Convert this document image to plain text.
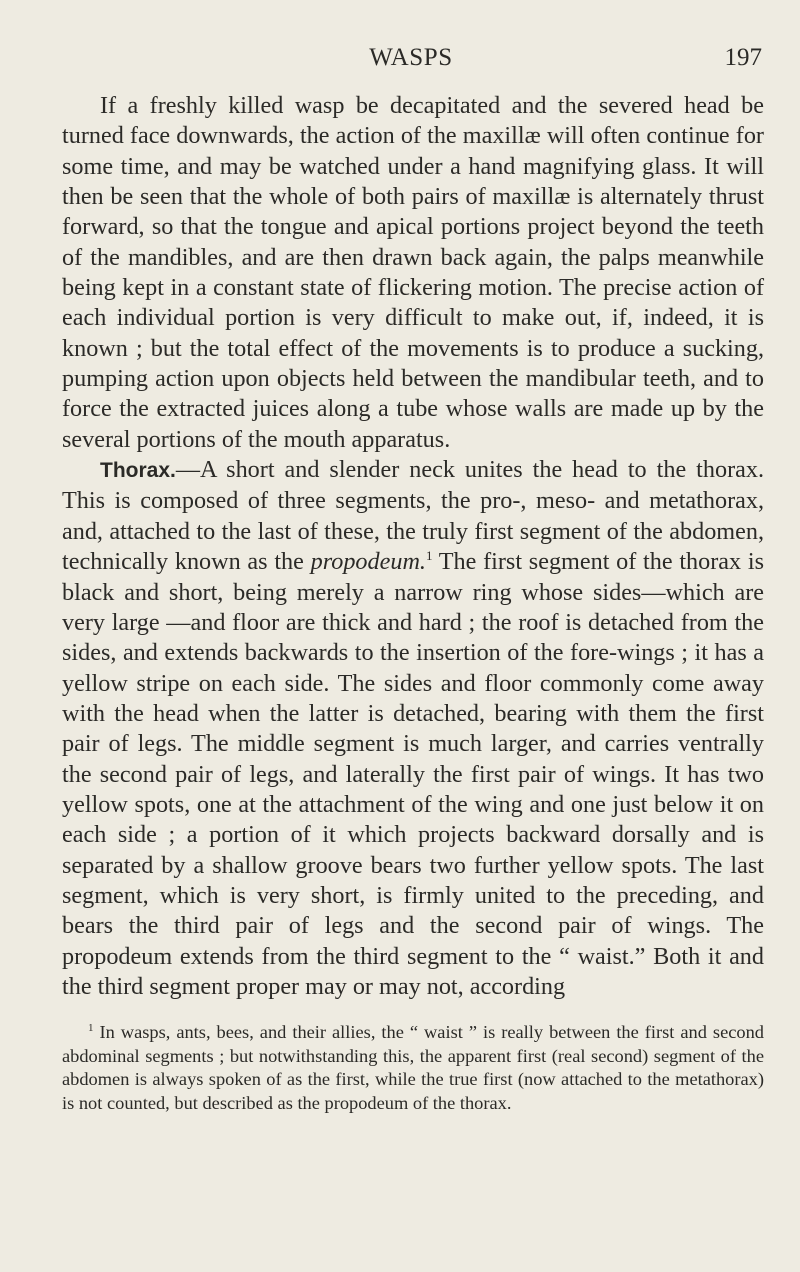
WASPS	197

If a freshly killed wasp be decapitated and the severed head be turned face downwards, the action of the maxillæ will often continue for some time, and may be watched under a hand magnifying glass. It will then be seen that the whole of both pairs of maxillæ is alternately thrust forward, so that the tongue and apical portions project beyond the teeth of the mandibles, and are then drawn back again, the palps meanwhile being kept in a constant state of flickering motion. The precise action of each individual portion is very difficult to make out, if, indeed, it is known ; but the total effect of the movements is to produce a sucking, pumping action upon objects held between the mandibular teeth, and to force the extracted juices along a tube whose walls are made up by the several portions of the mouth apparatus.

Thorax.—A short and slender neck unites the head to the thorax. This is composed of three segments, the pro-, meso- and metathorax, and, attached to the last of these, the truly first segment of the abdomen, technically known as the propodeum.$^1$ The first segment of the thorax is black and short, being merely a narrow ring whose sides—which are very large —and floor are thick and hard ; the roof is detached from the sides, and extends backwards to the insertion of the fore-wings ; it has a yellow stripe on each side. The sides and floor commonly come away with the head when the latter is detached, bearing with them the first pair of legs. The middle segment is much larger, and carries ventrally the second pair of legs, and laterally the first pair of wings. It has two yellow spots, one at the attachment of the wing and one just below it on each side ; a portion of it which projects backward dorsally and is separated by a shallow groove bears two further yellow spots. The last segment, which is very short, is firmly united to the preceding, and bears the third pair of legs and the second pair of wings. The propodeum extends from the third segment to the “ waist.” Both it and the third segment proper may or may not, according

$^1$ In wasps, ants, bees, and their allies, the “ waist ” is really between the first and second abdominal segments ; but notwithstanding this, the apparent first (real second) segment of the abdomen is always spoken of as the first, while the true first (now attached to the metathorax) is not counted, but described as the propodeum of the thorax.
